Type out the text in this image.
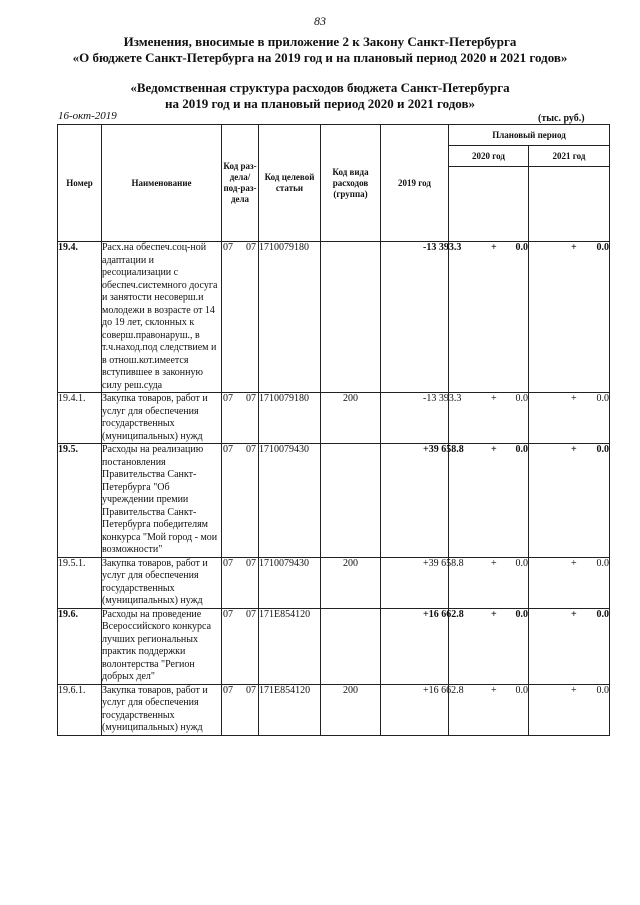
83
Изменения, вносимые в приложение 2 к Закону Санкт-Петербурга
«О бюджете Санкт-Петербурга на 2019 год и на плановый период 2020 и 2021 годов»
«Ведомственная структура расходов бюджета Санкт-Петербурга
на 2019 год и на плановый период 2020 и 2021 годов»
16-окт-2019	(тыс. руб.)
Номер	Наименование	Код раз-дела/ под-раз-дела	Код целевой статьи	Код вида расходов (группа)	2019 год	Плановый период	
						2020 год	2021 год

19.4.	Расх.на обеспеч.соц-ной адаптации и ресоциализации с обеспеч.системного досуга и занятости несоверш.и молодежи в возрасте от 14 до 19 лет, склонных к соверш.правонаруш., в т.ч.наход.под следствием и в отнош.кот.имеется вступившее в законную силу реш.суда	07 07	1710079180		- 13 393.3	+ 0.0	+ 0.0

19.4.1.	Закупка товаров, работ и услуг для обеспечения государственных (муниципальных) нужд	07 07	1710079180	200	- 13 393.3	+ 0.0	+ 0.0

19.5.	Расходы на реализацию постановления Правительства Санкт-Петербурга "Об учреждении премии Правительства Санкт-Петербурга победителям конкурса "Мой город - мои возможности"	07 07	1710079430		+ 39 658.8	+ 0.0	+ 0.0

19.5.1.	Закупка товаров, работ и услуг для обеспечения государственных (муниципальных) нужд	07 07	1710079430	200	+ 39 658.8	+ 0.0	+ 0.0

19.6.	Расходы на проведение Всероссийского конкурса лучших региональных практик поддержки волонтерства "Регион добрых дел"	07 07	171E854120		+ 16 662.8	+ 0.0	+ 0.0

19.6.1.	Закупка товаров, работ и услуг для обеспечения государственных (муниципальных) нужд	07 07	171E854120	200	+ 16 662.8	+ 0.0	+ 0.0
